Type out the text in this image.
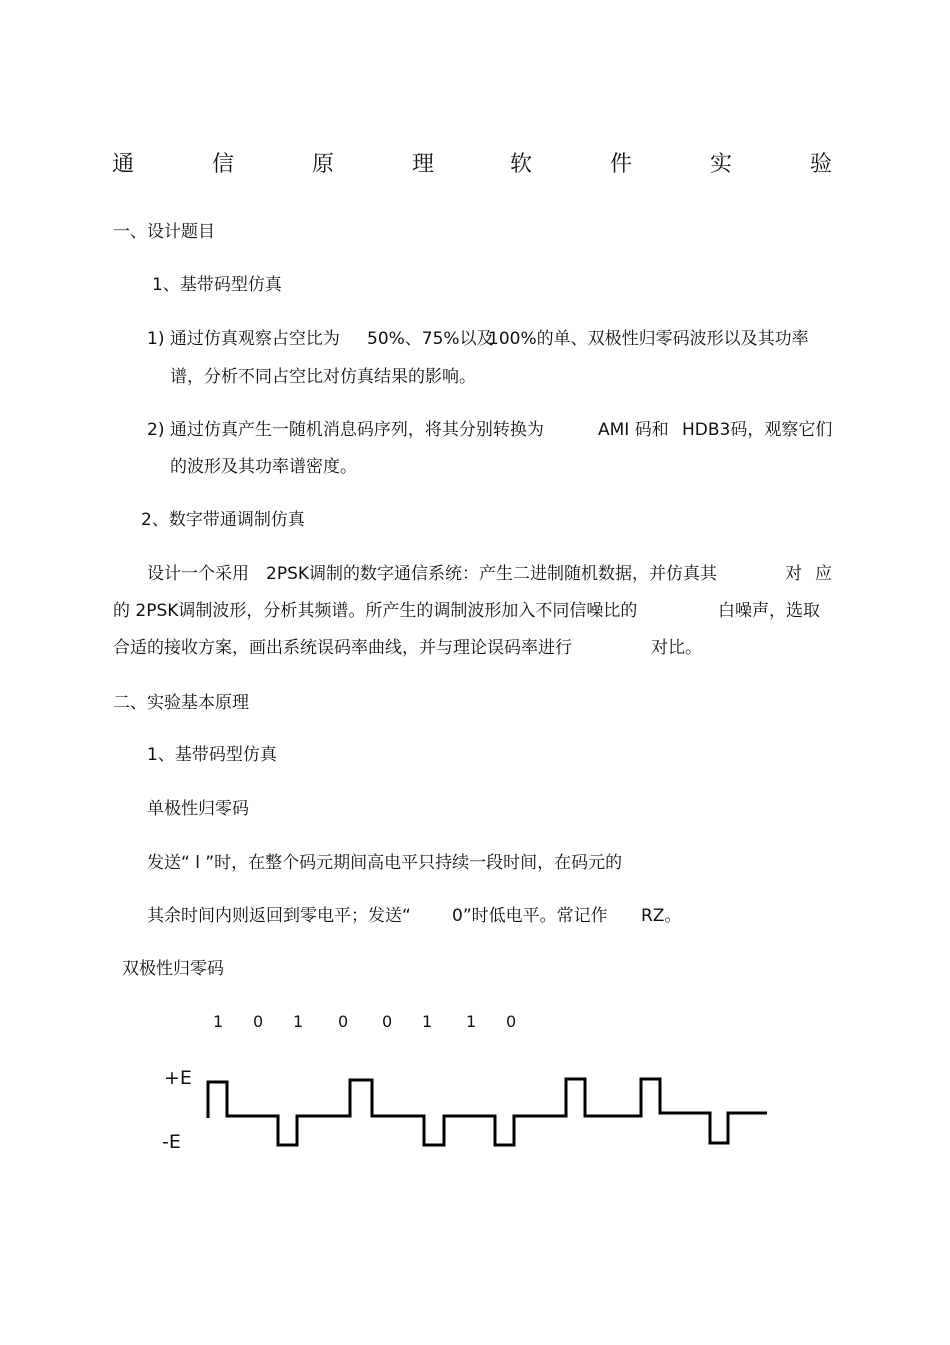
通	信	原	理	软	件	实	验
一、设计题目
1、基带码型仿真
1) 通过仿真观察占空比为 50%、75%以及
100%的单、双极性归零码波形以及其功率
谱，分析不同占空比对仿真结果的影响。
2) 通过仿真产生一随机消息码序列，将其分别转换为	AMI 码和 HDB3码，观察它们
的波形及其功率谱密度。
2、数字带通调制仿真
设计一个采用 2PSK调制的数字通信系统：产生二进制随机数据，并仿真其	对 应
的 2PSK调制波形，分析其频谱。所产生的调制波形加入不同信噪比的	白噪声，选取
合适的接收方案，画出系统误码率曲线，并与理论误码率进行	对比。
二、实验基本原理
1、基带码型仿真
单极性归零码
发送“ l ”时，在整个码元期间高电平只持续一段时间，在码元的
其余时间内则返回到零电平；发送“ 0”时低电平。常记作 RZ。
双极性归零码
1 0 1 0 0 1 1 0
+E
-E
